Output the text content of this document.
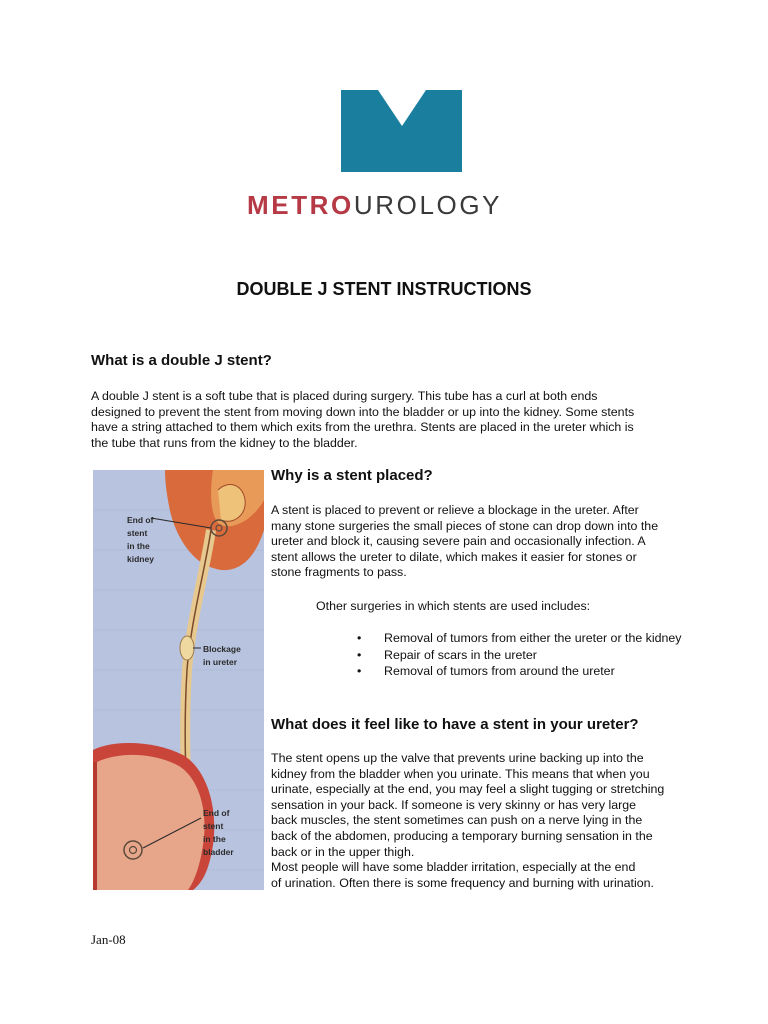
METROUROLOGY
DOUBLE J STENT INSTRUCTIONS
What is a double J stent?

A double J stent is a soft tube that is placed during surgery. This tube has a curl at both ends
designed to prevent the stent from moving down into the bladder or up into the kidney. Some stents
have a string attached to them which exits from the urethra. Stents are placed in the ureter which is
the tube that runs from the kidney to the bladder.

End of stent in the kidney
Blockage in ureter
End of stent in the bladder
Why is a stent placed?

A stent is placed to prevent or relieve a blockage in the ureter. After
many stone surgeries the small pieces of stone can drop down into the
ureter and block it, causing severe pain and occasionally infection. A
stent allows the ureter to dilate, which makes it easier for stones or
stone fragments to pass.

Other surgeries in which stents are used includes:

• Removal of tumors from either the ureter or the kidney
• Repair of scars in the ureter
• Removal of tumors from around the ureter
What does it feel like to have a stent in your ureter?

The stent opens up the valve that prevents urine backing up into the
kidney from the bladder when you urinate. This means that when you
urinate, especially at the end, you may feel a slight tugging or stretching
sensation in your back. If someone is very skinny or has very large
back muscles, the stent sometimes can push on a nerve lying in the
back of the abdomen, producing a temporary burning sensation in the
back or in the upper thigh.
Most people will have some bladder irritation, especially at the end
of urination. Often there is some frequency and burning with urination.

Jan-08
